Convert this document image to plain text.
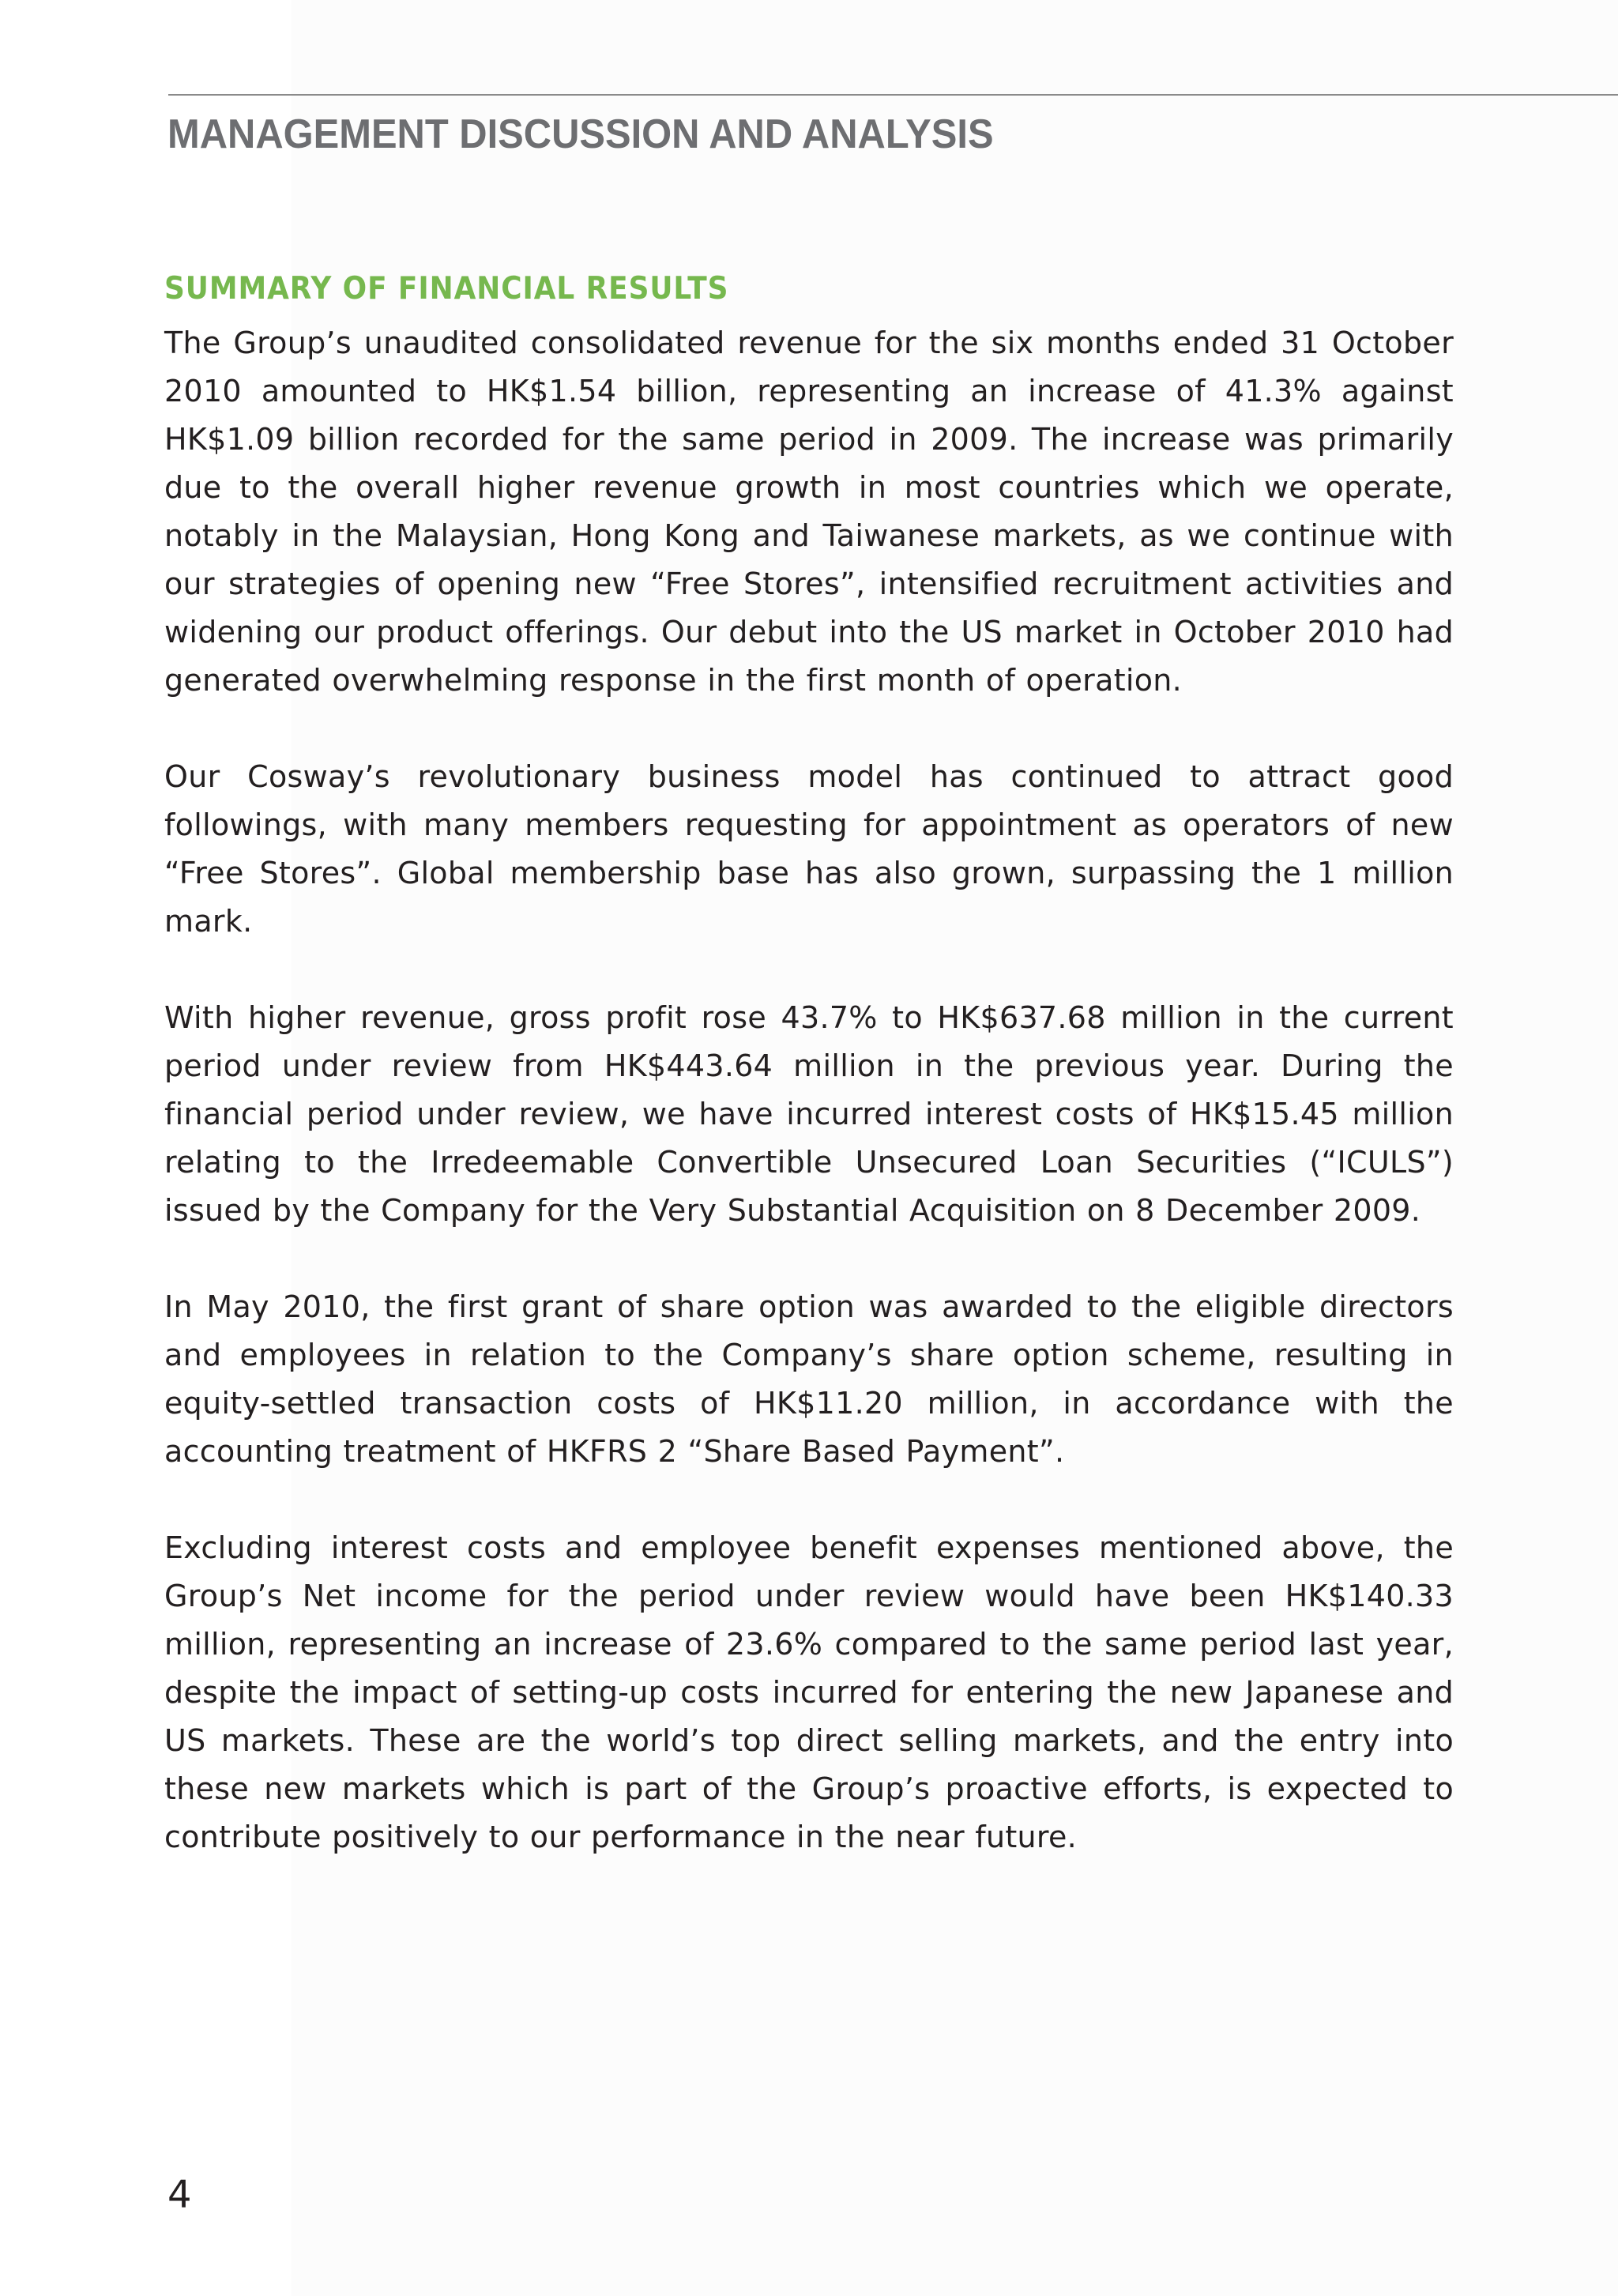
MANAGEMENT DISCUSSION AND ANALYSIS
SUMMARY OF FINANCIAL RESULTS

The Group’s unaudited consolidated revenue for the six months ended 31 October 2010 amounted to HK$1.54 billion, representing an increase of 41.3% against HK$1.09 billion recorded for the same period in 2009. The increase was primarily due to the overall higher revenue growth in most countries which we operate, notably in the Malaysian, Hong Kong and Taiwanese markets, as we continue with our strategies of opening new “Free Stores”, intensified recruitment activities and widening our product offerings. Our debut into the US market in October 2010 had generated overwhelming response in the first month of operation.

Our Cosway’s revolutionary business model has continued to attract good followings, with many members requesting for appointment as operators of new “Free Stores”. Global membership base has also grown, surpassing the 1 million mark.

With higher revenue, gross profit rose 43.7% to HK$637.68 million in the current period under review from HK$443.64 million in the previous year. During the financial period under review, we have incurred interest costs of HK$15.45 million relating to the Irredeemable Convertible Unsecured Loan Securities (“ICULS”) issued by the Company for the Very Substantial Acquisition on 8 December 2009.

In May 2010, the first grant of share option was awarded to the eligible directors and employees in relation to the Company’s share option scheme, resulting in equity-settled transaction costs of HK$11.20 million, in accordance with the accounting treatment of HKFRS 2 “Share Based Payment”.

Excluding interest costs and employee benefit expenses mentioned above, the Group’s Net income for the period under review would have been HK$140.33 million, representing an increase of 23.6% compared to the same period last year, despite the impact of setting-up costs incurred for entering the new Japanese and US markets. These are the world’s top direct selling markets, and the entry into these new markets which is part of the Group’s proactive efforts, is expected to contribute positively to our performance in the near future.

4
